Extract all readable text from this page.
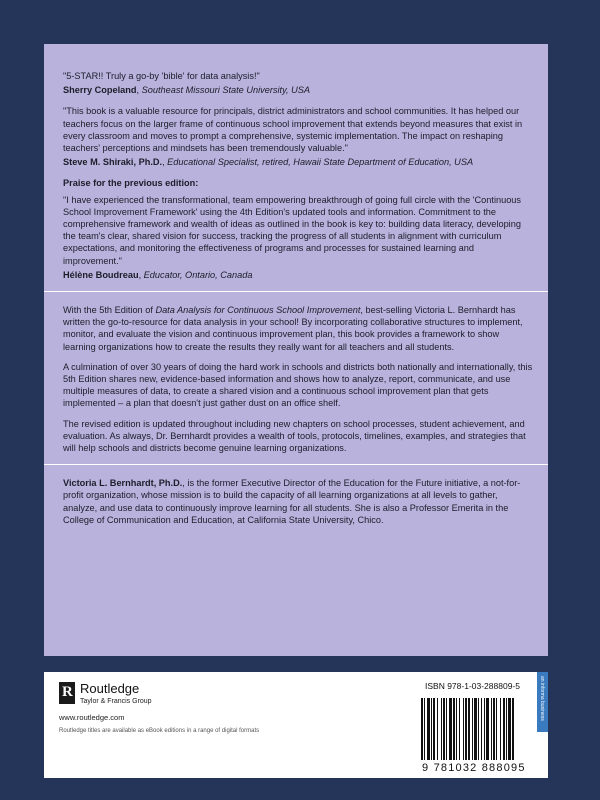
"5-STAR!! Truly a go-by 'bible' for data analysis!"

Sherry Copeland, Southeast Missouri State University, USA

"This book is a valuable resource for principals, district administrators and school communities. It has helped our teachers focus on the larger frame of continuous school improvement that extends beyond measures that exist in every classroom and moves to prompt a comprehensive, systemic implementation. The impact on reshaping teachers' perceptions and mindsets has been tremendously valuable."

Steve M. Shiraki, Ph.D., Educational Specialist, retired, Hawaii State Department of Education, USA

Praise for the previous edition:

"I have experienced the transformational, team empowering breakthrough of going full circle with the 'Continuous School Improvement Framework' using the 4th Edition's updated tools and information. Commitment to the comprehensive framework and wealth of ideas as outlined in the book is key to: building data literacy, developing the team's clear, shared vision for success, tracking the progress of all students in alignment with curriculum expectations, and monitoring the effectiveness of programs and processes for sustained learning and improvement."

Hélène Boudreau, Educator, Ontario, Canada

With the 5th Edition of Data Analysis for Continuous School Improvement, best-selling Victoria L. Bernhardt has written the go-to-resource for data analysis in your school! By incorporating collaborative structures to implement, monitor, and evaluate the vision and continuous improvement plan, this book provides a framework to show learning organizations how to create the results they really want for all teachers and all students.

A culmination of over 30 years of doing the hard work in schools and districts both nationally and internationally, this 5th Edition shares new, evidence-based information and shows how to analyze, report, communicate, and use multiple measures of data, to create a shared vision and a continuous school improvement plan that gets implemented – a plan that doesn't just gather dust on an office shelf.

The revised edition is updated throughout including new chapters on school processes, student achievement, and evaluation. As always, Dr. Bernhardt provides a wealth of tools, protocols, timelines, examples, and strategies that will help schools and districts become genuine learning organizations.

Victoria L. Bernhardt, Ph.D., is the former Executive Director of the Education for the Future initiative, a not-for-profit organization, whose mission is to build the capacity of all learning organizations at all levels to gather, analyze, and use data to continuously improve learning for all students. She is also a Professor Emerita in the College of Communication and Education, at California State University, Chico.

R Routledge
Taylor & Francis Group
www.routledge.com
Routledge titles are available as eBook editions in a range of digital formats
ISBN 978-1-03-288809-5
9 781032 888095
an informa business
